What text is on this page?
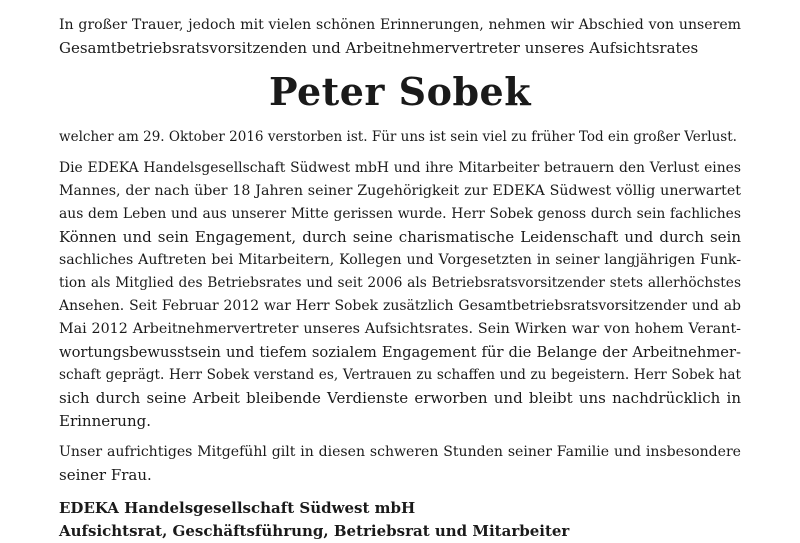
In großer Trauer, jedoch mit vielen schönen Erinnerungen, nehmen wir Abschied von unserem
Gesamtbetriebsratsvorsitzenden und Arbeitnehmervertreter unseres Aufsichtsrates
Peter Sobek
welcher am 29. Oktober 2016 verstorben ist. Für uns ist sein viel zu früher Tod ein großer Verlust.
Die EDEKA Handelsgesellschaft Südwest mbH und ihre Mitarbeiter betrauern den Verlust eines
Mannes, der nach über 18 Jahren seiner Zugehörigkeit zur EDEKA Südwest völlig unerwartet
aus dem Leben und aus unserer Mitte gerissen wurde. Herr Sobek genoss durch sein fachliches
Können und sein Engagement, durch seine charismatische Leidenschaft und durch sein
sachliches Auftreten bei Mitarbeitern, Kollegen und Vorgesetzten in seiner langjährigen Funk-
tion als Mitglied des Betriebsrates und seit 2006 als Betriebsratsvorsitzender stets allerhöchstes
Ansehen. Seit Februar 2012 war Herr Sobek zusätzlich Gesamtbetriebsratsvorsitzender und ab
Mai 2012 Arbeitnehmervertreter unseres Aufsichtsrates. Sein Wirken war von hohem Verant-
wortungsbewusstsein und tiefem sozialem Engagement für die Belange der Arbeitnehmer-
schaft geprägt. Herr Sobek verstand es, Vertrauen zu schaffen und zu begeistern. Herr Sobek hat
sich durch seine Arbeit bleibende Verdienste erworben und bleibt uns nachdrücklich in
Erinnerung.
Unser aufrichtiges Mitgefühl gilt in diesen schweren Stunden seiner Familie und insbesondere
seiner Frau.
EDEKA Handelsgesellschaft Südwest mbH
Aufsichtsrat, Geschäftsführung, Betriebsrat und Mitarbeiter
